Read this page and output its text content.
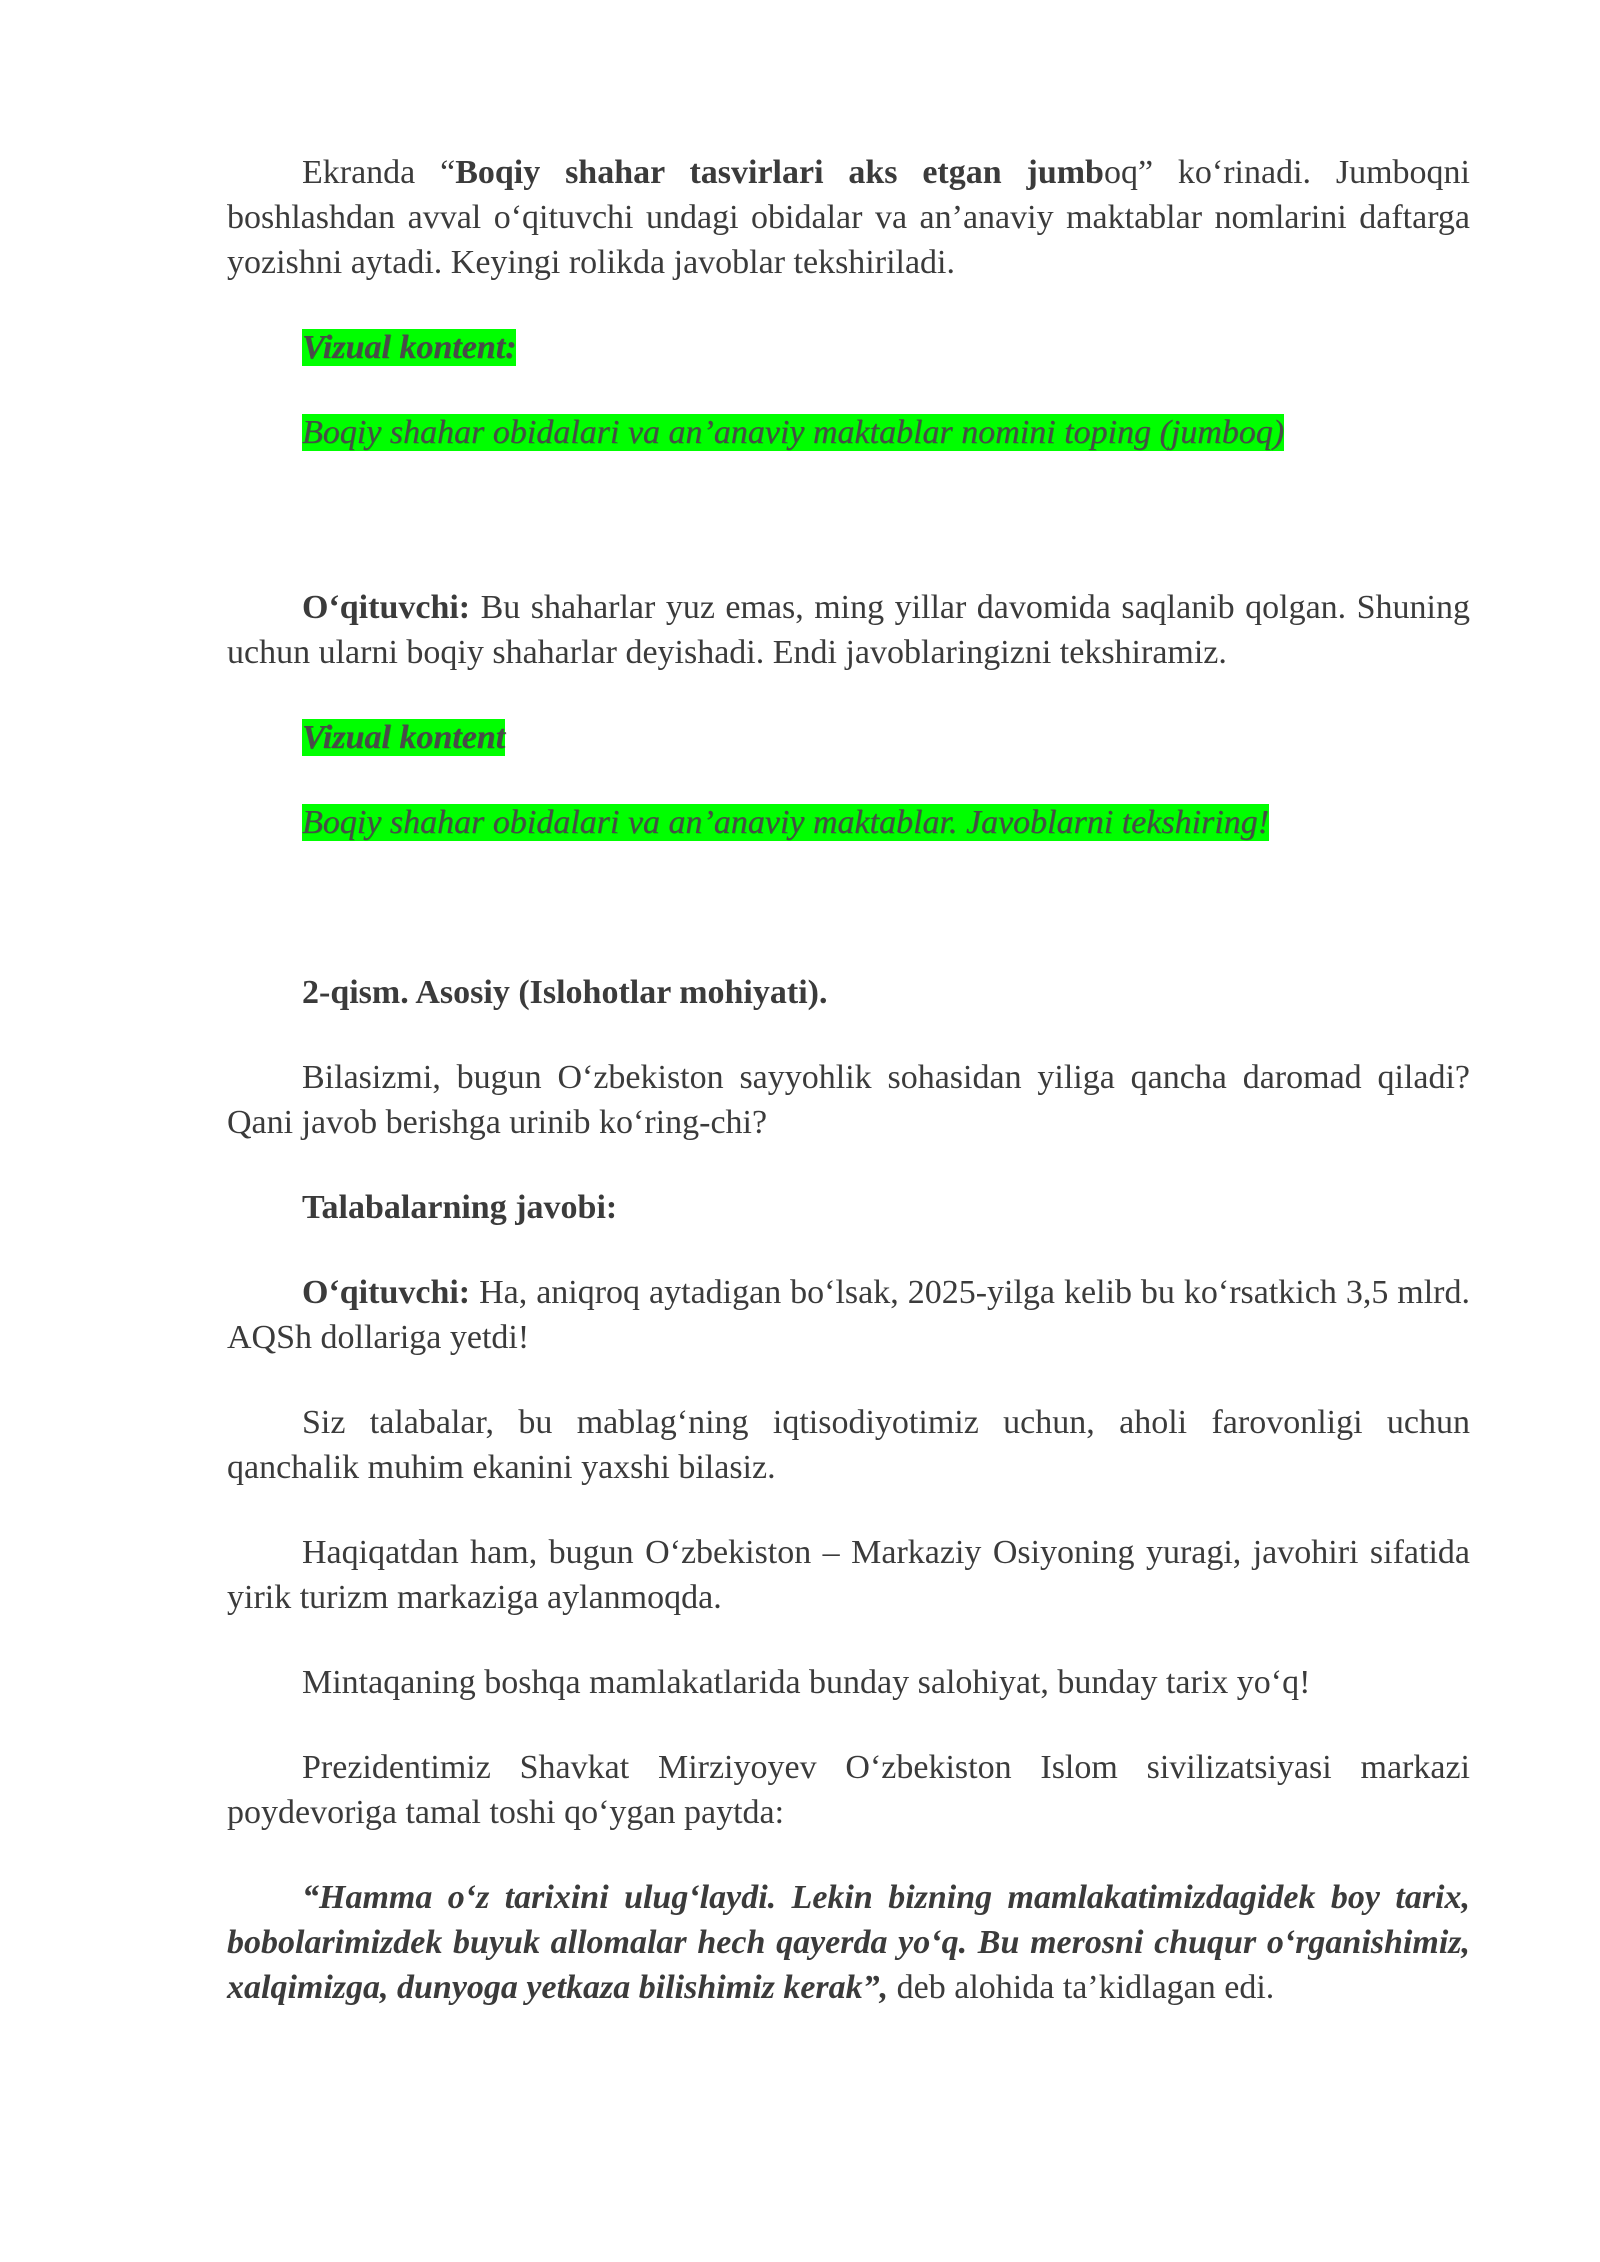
Ekranda “Boqiy shahar tasvirlari aks etgan jumboq” ko‘rinadi. Jumboqni boshlashdan avval o‘qituvchi undagi obidalar va an’anaviy maktablar nomlarini daftarga yozishni aytadi. Keyingi rolikda javoblar tekshiriladi.

Vizual kontent:

Boqiy shahar obidalari va an’anaviy maktablar nomini toping (jumboq)

O‘qituvchi: Bu shaharlar yuz emas, ming yillar davomida saqlanib qolgan. Shuning uchun ularni boqiy shaharlar deyishadi. Endi javoblaringizni tekshiramiz.

Vizual kontent

Boqiy shahar obidalari va an’anaviy maktablar. Javoblarni tekshiring!

2-qism. Asosiy (Islohotlar mohiyati).

Bilasizmi, bugun O‘zbekiston sayyohlik sohasidan yiliga qancha daromad qiladi? Qani javob berishga urinib ko‘ring-chi?

Talabalarning javobi:

O‘qituvchi: Ha, aniqroq aytadigan bo‘lsak, 2025-yilga kelib bu ko‘rsatkich 3,5 mlrd. AQSh dollariga yetdi!

Siz talabalar, bu mablag‘ning iqtisodiyotimiz uchun, aholi farovonligi uchun qanchalik muhim ekanini yaxshi bilasiz.

Haqiqatdan ham, bugun O‘zbekiston – Markaziy Osiyoning yuragi, javohiri sifatida yirik turizm markaziga aylanmoqda.

Mintaqaning boshqa mamlakatlarida bunday salohiyat, bunday tarix yo‘q!

Prezidentimiz Shavkat Mirziyoyev O‘zbekiston Islom sivilizatsiyasi markazi poydevoriga tamal toshi qo‘ygan paytda:

“Hamma o‘z tarixini ulug‘laydi. Lekin bizning mamlakatimizdagidek boy tarix, bobolarimizdek buyuk allomalar hech qayerda yo‘q. Bu merosni chuqur o‘rganishimiz, xalqimizga, dunyoga yetkaza bilishimiz kerak”, deb alohida ta’kidlagan edi.
